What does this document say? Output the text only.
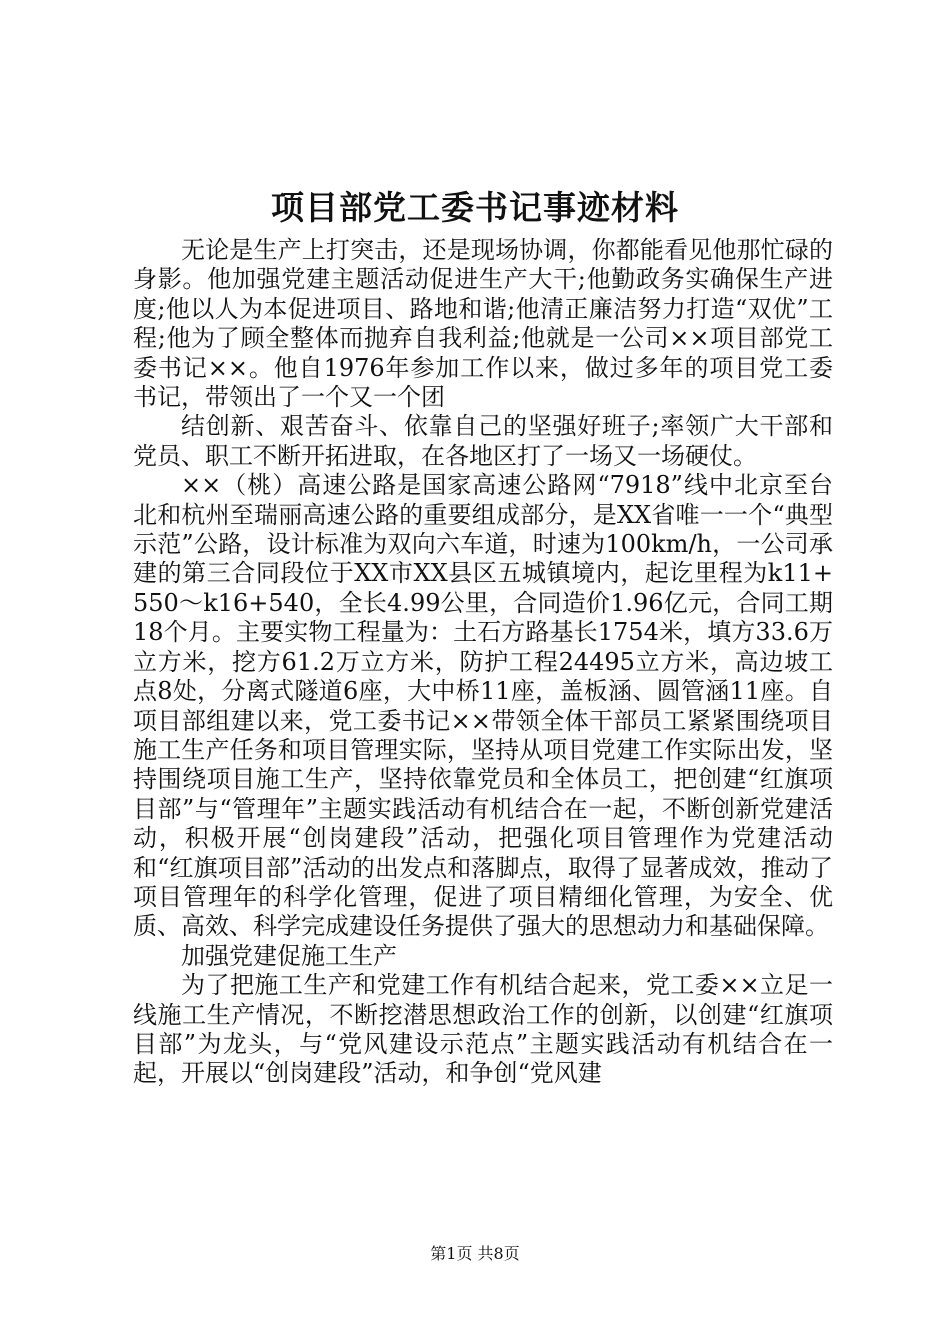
项目部党工委书记事迹材料

无论是生产上打突击，还是现场协调，你都能看见他那忙碌的身影。他加强党建主题活动促进生产大干;他勤政务实确保生产进度;他以人为本促进项目、路地和谐;他清正廉洁努力打造“双优”工程;他为了顾全整体而抛弃自我利益;他就是一公司××项目部党工委书记××。他自1976年参加工作以来，做过多年的项目党工委书记，带领出了一个又一个团

结创新、艰苦奋斗、依靠自己的坚强好班子;率领广大干部和党员、职工不断开拓进取，在各地区打了一场又一场硬仗。

××（桃）高速公路是国家高速公路网“7918”线中北京至台北和杭州至瑞丽高速公路的重要组成部分，是XX省唯一一个“典型示范”公路，设计标准为双向六车道，时速为100km/h，一公司承建的第三合同段位于XX市XX县区五城镇境内，起讫里程为k11+550～k16+540，全长4.99公里，合同造价1.96亿元，合同工期18个月。主要实物工程量为：土石方路基长1754米，填方33.6万立方米，挖方61.2万立方米，防护工程24495立方米，高边坡工点8处，分离式隧道6座，大中桥11座，盖板涵、圆管涵11座。自项目部组建以来，党工委书记××带领全体干部员工紧紧围绕项目施工生产任务和项目管理实际，坚持从项目党建工作实际出发，坚持围绕项目施工生产，坚持依靠党员和全体员工，把创建“红旗项目部”与“管理年”主题实践活动有机结合在一起，不断创新党建活动，积极开展“创岗建段”活动，把强化项目管理作为党建活动和“红旗项目部”活动的出发点和落脚点，取得了显著成效，推动了项目管理年的科学化管理，促进了项目精细化管理，为安全、优质、高效、科学完成建设任务提供了强大的思想动力和基础保障。

加强党建促施工生产

为了把施工生产和党建工作有机结合起来，党工委××立足一线施工生产情况，不断挖潜思想政治工作的创新，以创建“红旗项目部”为龙头，与“党风建设示范点”主题实践活动有机结合在一起，开展以“创岗建段”活动，和争创“党风建

第1页 共8页
